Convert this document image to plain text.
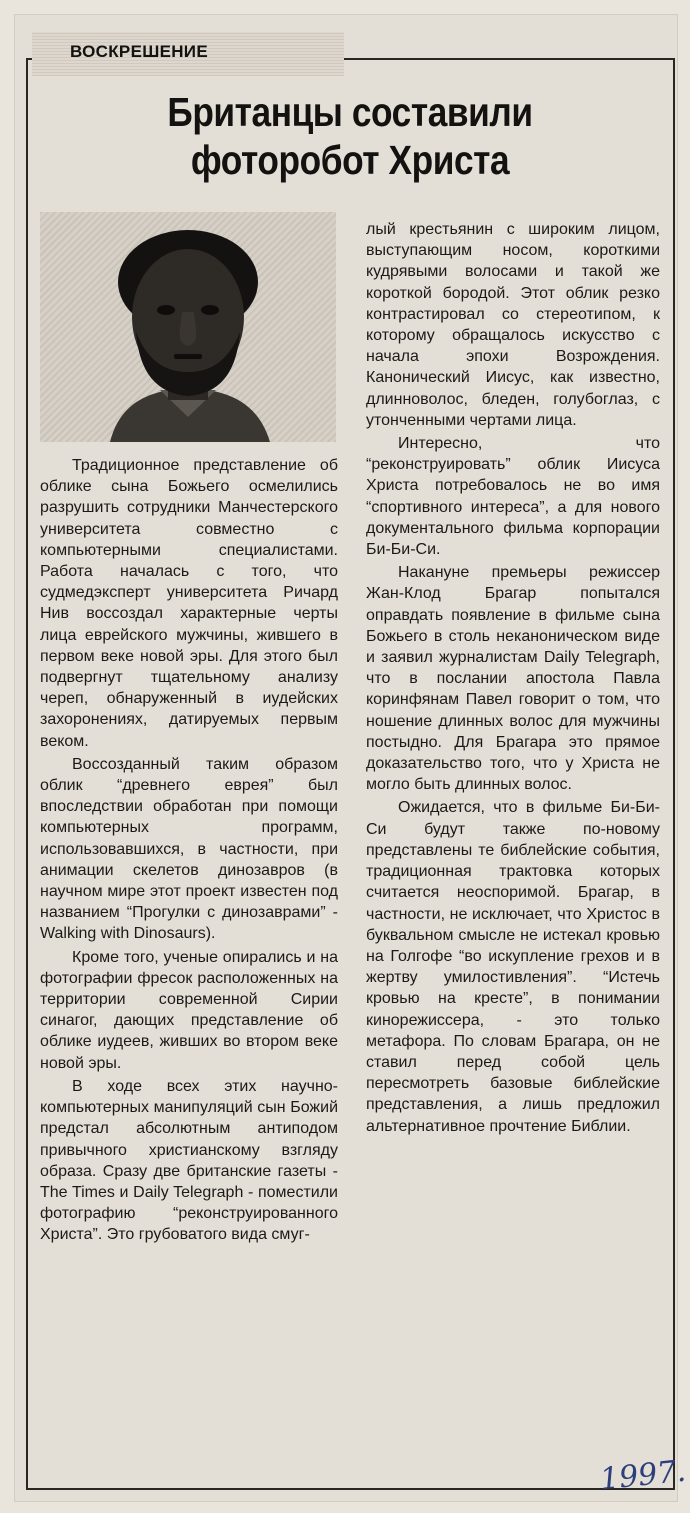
ВОСКРЕШЕНИЕ
Британцы составили
фоторобот Христа

Традиционное представление об облике сына Божьего осмелились разрушить сотрудники Манчестерского университета совместно с компьютерными специалистами. Работа началась с того, что судмедэксперт университета Ричард Нив воссоздал характерные черты лица еврейского мужчины, жившего в первом веке новой эры. Для этого был подвергнут тщательному анализу череп, обнаруженный в иудейских захоронениях, датируемых первым веком.

Воссозданный таким образом облик “древнего еврея” был впоследствии обработан при помощи компьютерных программ, использовавшихся, в частности, при анимации скелетов динозавров (в научном мире этот проект известен под названием “Прогулки с динозаврами” - Walking with Dinosaurs).

Кроме того, ученые опирались и на фотографии фресок расположенных на территории современной Сирии синагог, дающих представление об облике иудеев, живших во втором веке новой эры.

В ходе всех этих научно-компьютерных манипуляций сын Божий предстал абсолютным антиподом привычного христианскому взгляду образа. Сразу две британские газеты - The Times и Daily Telegraph - поместили фотографию “реконструированного Христа”. Это грубоватого вида смуг-

лый крестьянин с широким лицом, выступающим носом, короткими кудрявыми волосами и такой же короткой бородой. Этот облик резко контрастировал со стереотипом, к которому обращалось искусство с начала эпохи Возрождения. Канонический Иисус, как известно, длинноволос, бледен, голубоглаз, с утонченными чертами лица.

Интересно, что “реконструировать” облик Иисуса Христа потребовалось не во имя “спортивного интереса”, а для нового документального фильма корпорации Би-Би-Си.

Накануне премьеры режиссер Жан-Клод Брагар попытался оправдать появление в фильме сына Божьего в столь неканоническом виде и заявил журналистам Daily Telegraph, что в послании апостола Павла коринфянам Павел говорит о том, что ношение длинных волос для мужчины постыдно. Для Брагара это прямое доказательство того, что у Христа не могло быть длинных волос.

Ожидается, что в фильме Би-Би-Си будут также по-новому представлены те библейские события, традиционная трактовка которых считается неоспоримой. Брагар, в частности, не исключает, что Христос в буквальном смысле не истекал кровью на Голгофе “во искупление грехов и в жертву умилостивления”. “Истечь кровью на кресте”, в понимании кинорежиссера, - это только метафора. По словам Брагара, он не ставил перед собой цель пересмотреть базовые библейские представления, а лишь предложил альтернативное прочтение Библии.

1997.
